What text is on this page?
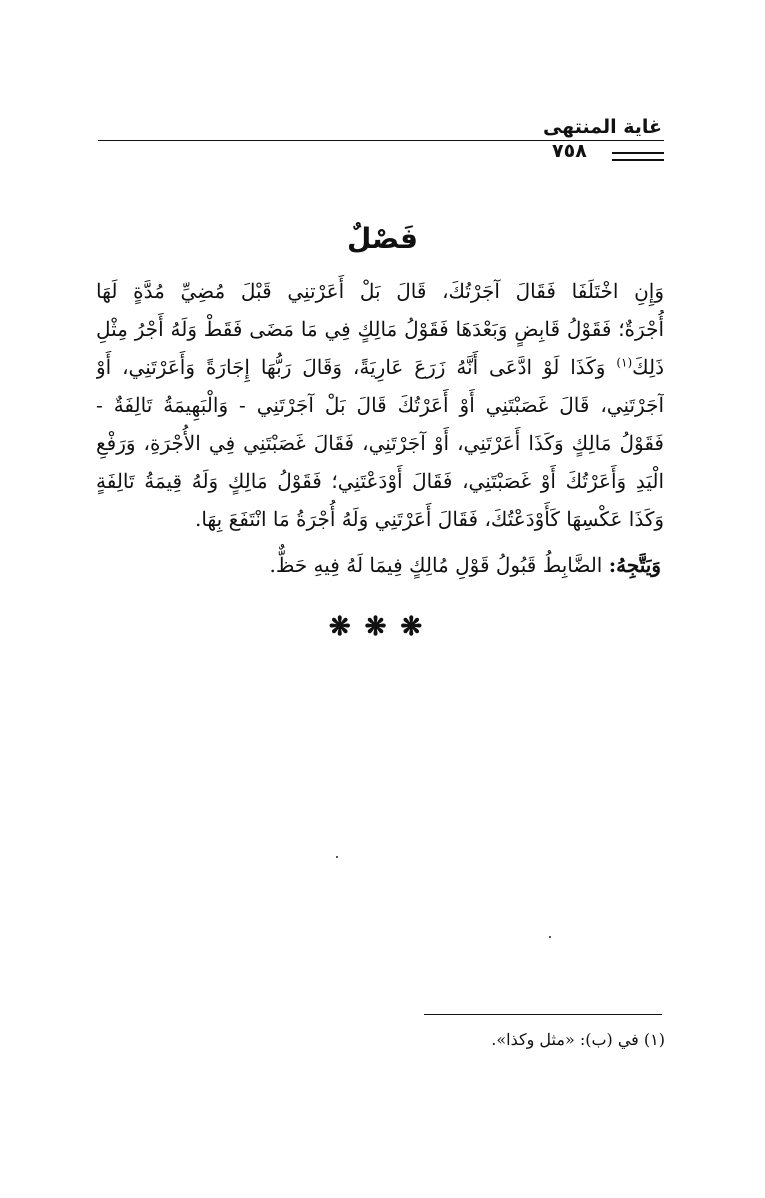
غاية المنتهى
٧٥٨
فَصْلٌ
وَإِنِ اخْتَلَفَا فَقَالَ آجَرْتُكَ، قَالَ بَلْ أَعَرْتنِي قَبْلَ مُضِيِّ مُدَّةٍ لَهَا
أُجْرَةٌ؛ فَقَوْلُ قَابِضٍ وَبَعْدَهَا فَقَوْلُ مَالِكٍ فِي مَا مَضَى فَقَطْ وَلَهُ أَجْرُ مِثْلِ
ذَلِكَ$^{(١)}$ وَكَذَا لَوْ ادَّعَى أَنَّهُ زَرَعَ عَارِيَةً، وَقَالَ رَبُّهَا إِجَارَةً وَأَعَرْتَنِي، أَوْ
آجَرْتَنِي، قَالَ غَصَبْتَنِي أَوْ أَعَرْتُكَ قَالَ بَلْ آجَرْتَنِي - وَالْبَهِيمَةُ تَالِفَةٌ -
فَقَوْلُ مَالِكٍ وَكَذَا أَعَرْتَنِي، أَوْ آجَرْتَنِي، فَقَالَ غَصَبْتَنِي فِي الأُجْرَةِ، وَرَفْعِ
الْيَدِ وَأَعَرْتُكَ أَوْ غَصَبْتَنِي، فَقَالَ أَوْدَعْتَنِي؛ فَقَوْلُ مَالِكٍ وَلَهُ قِيمَةُ تَالِفَةٍ
وَكَذَا عَكْسِهَا كَأَوْدَعْتُكَ، فَقَالَ أَعَرْتَنِي وَلَهُ أُجْرَةُ مَا انْتَفَعَ بِهَا.
وَيَتَّجِهُ: الضَّابِطُ قَبُولُ قَوْلِ مُالِكٍ فِيمَا لَهُ فِيهِ حَظٌّ.
❋❋❋
(١) في (ب): «مثل وكذا».
